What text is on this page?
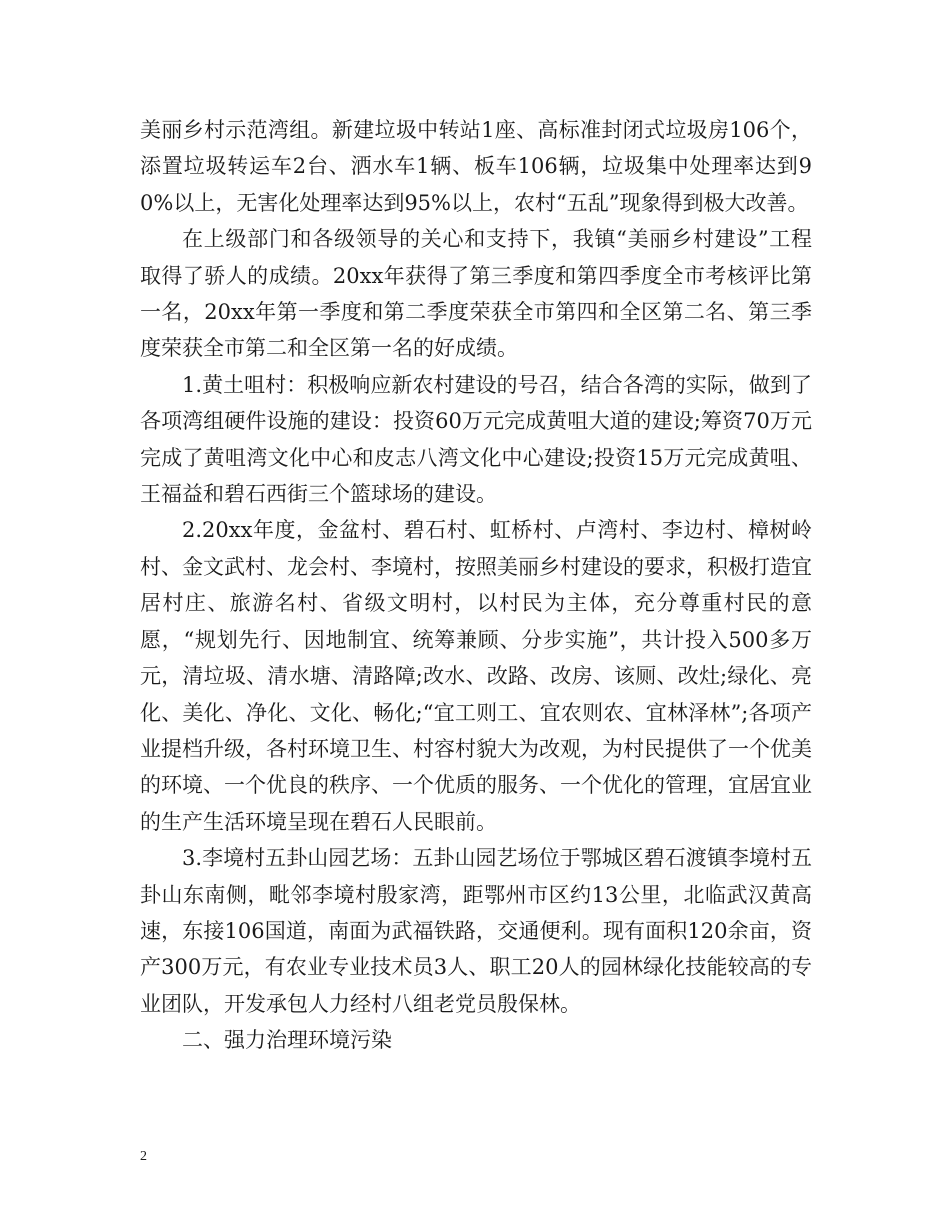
美丽乡村示范湾组。新建垃圾中转站1座、高标准封闭式垃圾房106个，添置垃圾转运车2台、洒水车1辆、板车106辆，垃圾集中处理率达到90%以上，无害化处理率达到95%以上，农村“五乱”现象得到极大改善。

在上级部门和各级领导的关心和支持下，我镇“美丽乡村建设”工程取得了骄人的成绩。20xx年获得了第三季度和第四季度全市考核评比第一名，20xx年第一季度和第二季度荣获全市第四和全区第二名、第三季度荣获全市第二和全区第一名的好成绩。

1.黄土咀村：积极响应新农村建设的号召，结合各湾的实际，做到了各项湾组硬件设施的建设：投资60万元完成黄咀大道的建设;筹资70万元完成了黄咀湾文化中心和皮志八湾文化中心建设;投资15万元完成黄咀、王福益和碧石西街三个篮球场的建设。

2.20xx年度，金盆村、碧石村、虹桥村、卢湾村、李边村、樟树岭村、金文武村、龙会村、李境村，按照美丽乡村建设的要求，积极打造宜居村庄、旅游名村、省级文明村，以村民为主体，充分尊重村民的意愿，“规划先行、因地制宜、统筹兼顾、分步实施”，共计投入500多万元，清垃圾、清水塘、清路障;改水、改路、改房、该厕、改灶;绿化、亮化、美化、净化、文化、畅化;“宜工则工、宜农则农、宜林泽林”;各项产业提档升级，各村环境卫生、村容村貌大为改观，为村民提供了一个优美的环境、一个优良的秩序、一个优质的服务、一个优化的管理，宜居宜业的生产生活环境呈现在碧石人民眼前。

3.李境村五卦山园艺场：五卦山园艺场位于鄂城区碧石渡镇李境村五卦山东南侧，毗邻李境村殷家湾，距鄂州市区约13公里，北临武汉黄高速，东接106国道，南面为武福铁路，交通便利。现有面积120余亩，资产300万元，有农业专业技术员3人、职工20人的园林绿化技能较高的专业团队，开发承包人力经村八组老党员殷保林。

二、强力治理环境污染

2
